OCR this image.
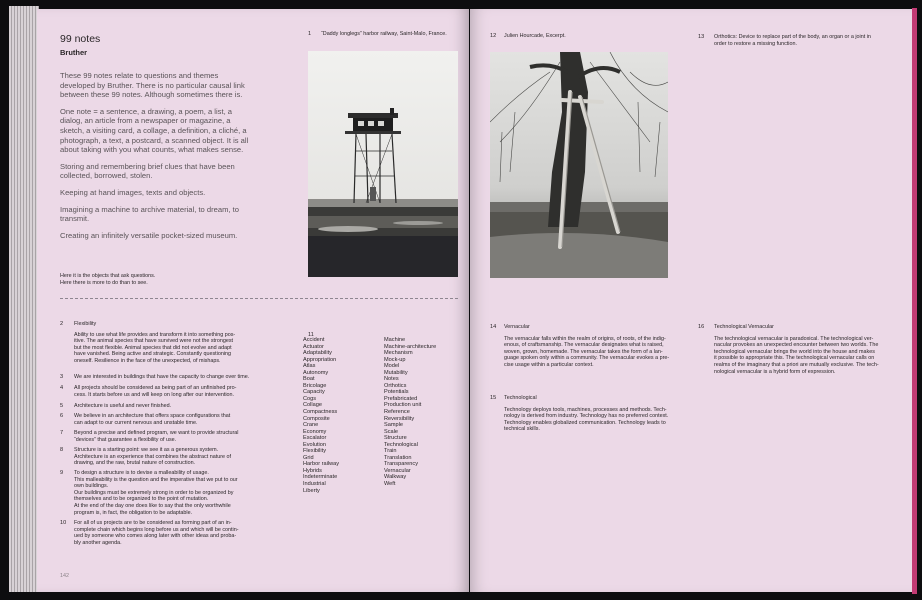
99 notes
Bruther

These 99 notes relate to questions and themes developed by Bruther. There is no particular causal link between these 99 notes. Although sometimes there is.

One note = a sentence, a drawing, a poem, a list, a dialog, an article from a newspaper or magazine, a sketch, a visiting card, a collage, a definition, a cliché, a photograph, a text, a postcard, a scanned object. It is all about taking with you what counts, what makes sense.

Storing and remembering brief clues that have been collected, borrowed, stolen.

Keeping at hand images, texts and objects.

Imagining a machine to archive material, to dream, to transmit.

Creating an infinitely versatile pocket-sized museum.

Here it is the objects that ask questions.

Here there is more to do than to see.

1 “Daddy longlegs” harbor railway, Saint-Malo, France.
2	Flexibility

Ability to use what life provides and transform it into something pos-

itive. The animal species that have survived were not the strongest

but the most flexible. Animal species that did not evolve and adapt

have vanished. Being active and strategic. Constantly questioning

oneself. Resilience in the face of the unexpected, of mishaps.

3	We are interested in buildings that have the capacity to change over time.

4	All projects should be considered as being part of an unfinished pro-

cess. It starts before us and will keep on long after our intervention.

5	Architecture is useful and never finished.

6	We believe in an architecture that offers space configurations that

can adapt to our current nervous and unstable time.

7	Beyond a precise and defined program, we want to provide structural

“devices” that guarantee a flexibility of use.

8	Structure is a starting point: we see it as a generous system.

Architecture is an experience that combines the abstract nature of

drawing, and the raw, brutal nature of construction.

9	To design a structure is to devise a malleability of usage.

This malleability is the question and the imperative that we put to our

own buildings.

Our buildings must be extremely strong in order to be organized by

themselves and to be organized to the point of mutation.

At the end of the day one does like to say that the only worthwhile

program is, in fact, the obligation to be adaptable.

10	For all of us projects are to be considered as forming part of an in-

complete chain which begins long before us and which will be contin-

ued by someone who comes along later with other ideas and proba-

bly another agenda.

11

Accident

Actuator

Adaptability

Appropriation

Atlas

Autonomy

Boat

Bricolage

Capacity

Cogs

Collage

Compactness

Composite

Crane

Economy

Escalator

Evolution

Flexibility

Grid

Harbor railway

Hybrids

Indeterminate

Industrial

Liberty

Machine

Machine-architecture

Mechanism

Mock-up

Model

Mutability

Notes

Orthotics

Potentials

Prefabricated

Production unit

Reference

Reversibility

Sample

Scale

Structure

Technological

Train

Translation

Transparency

Vernacular

Walkway

Weft

142
12 Julien Hourcade, Excerpt.	13 Orthotics: Device to replace part of the body, an organ or a joint in

order to restore a missing function.

14 Vernacular

The vernacular falls within the realm of origins, of roots, of the indig-

enous, of craftsmanship. The vernacular designates what is raised,

woven, grown, homemade. The vernacular takes the form of a lan-

guage spoken only within a community. The vernacular evokes a pre-

cise usage within a particular context.

15 Technological

Technology deploys tools, machines, processes and methods. Tech-

nology is derived from industry. Technology has no preferred context.

Technology enables globalized communication. Technology leads to

technical skills.

16 Technological Vernacular

The technological vernacular is paradoxical. The technological ver-

nacular provokes an unexpected encounter between two worlds. The

technological vernacular brings the world into the house and makes

it possible to appropriate this. The technological vernacular calls on

realms of the imaginary that a priori are mutually exclusive. The tech-

nological vernacular is a hybrid form of expression.
